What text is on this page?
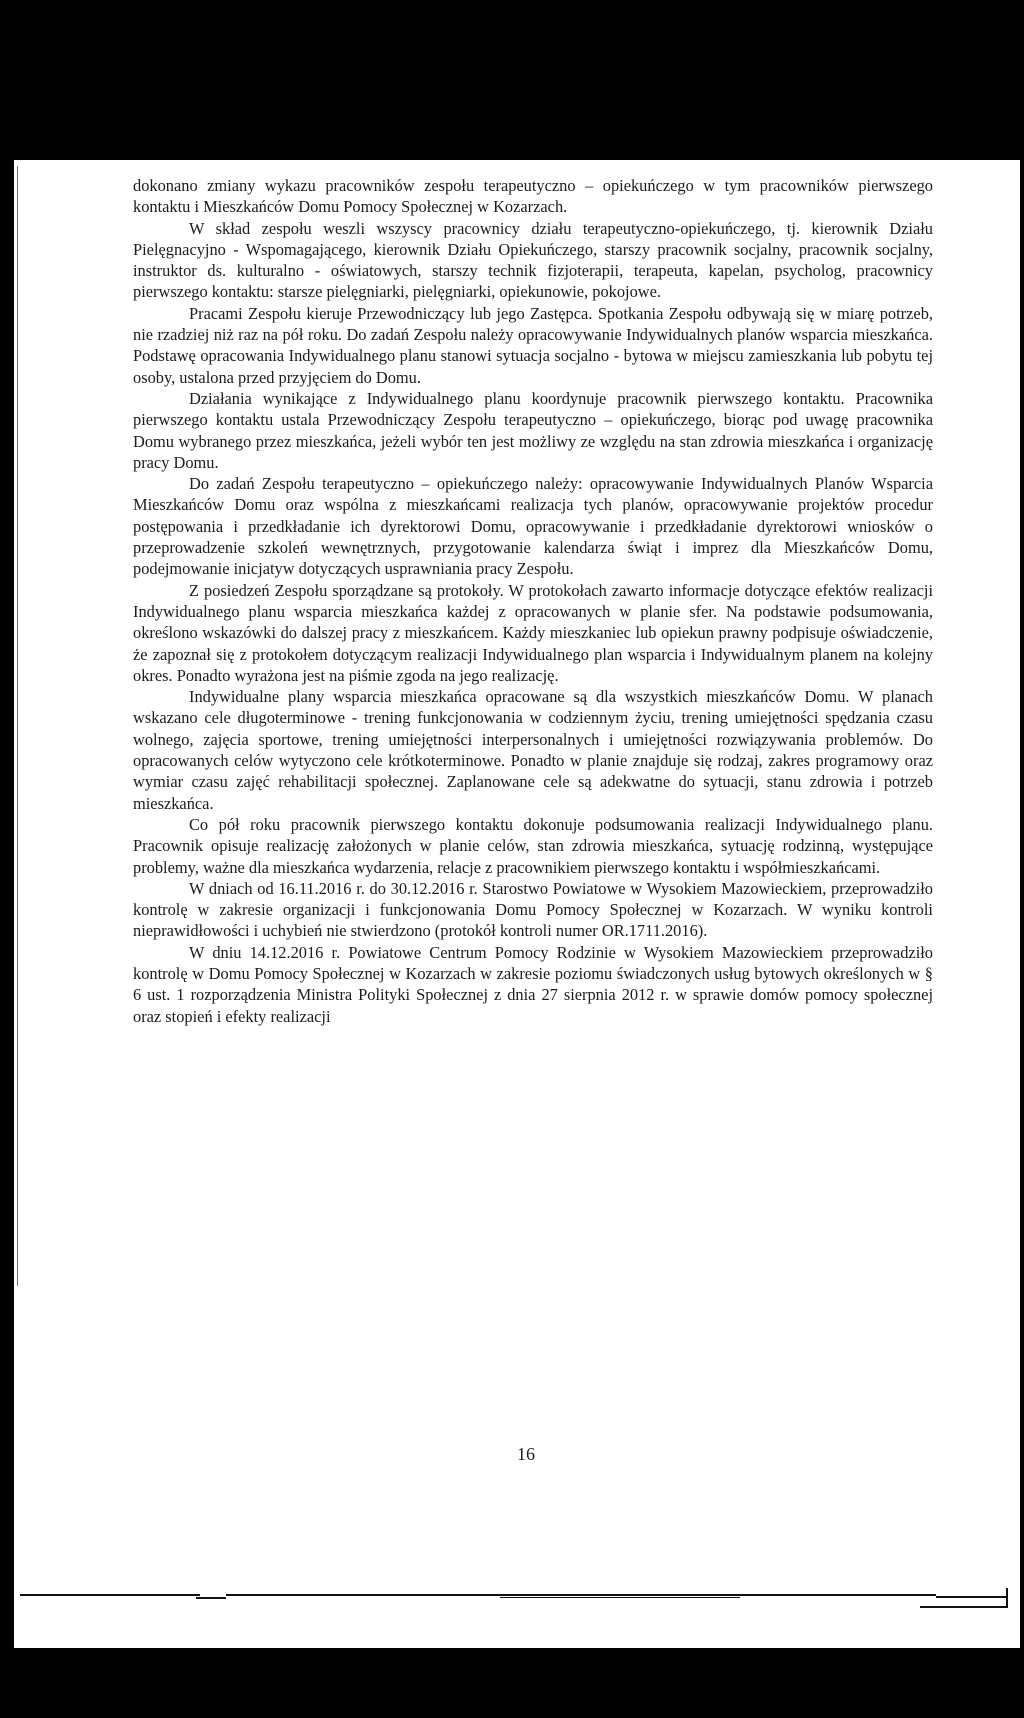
dokonano zmiany wykazu pracowników zespołu terapeutyczno – opiekuńczego w tym pracowników pierwszego kontaktu i Mieszkańców Domu Pomocy Społecznej w Kozarzach.

W skład zespołu weszli wszyscy pracownicy działu terapeutyczno-opiekuńczego, tj. kierownik Działu Pielęgnacyjno - Wspomagającego, kierownik Działu Opiekuńczego, starszy pracownik socjalny, pracownik socjalny, instruktor ds. kulturalno - oświatowych, starszy technik fizjoterapii, terapeuta, kapelan, psycholog, pracownicy pierwszego kontaktu: starsze pielęgniarki, pielęgniarki, opiekunowie, pokojowe.

Pracami Zespołu kieruje Przewodniczący lub jego Zastępca. Spotkania Zespołu odbywają się w miarę potrzeb, nie rzadziej niż raz na pół roku. Do zadań Zespołu należy opracowywanie Indywidualnych planów wsparcia mieszkańca. Podstawę opracowania Indywidualnego planu stanowi sytuacja socjalno - bytowa w miejscu zamieszkania lub pobytu tej osoby, ustalona przed przyjęciem do Domu.

Działania wynikające z Indywidualnego planu koordynuje pracownik pierwszego kontaktu. Pracownika pierwszego kontaktu ustala Przewodniczący Zespołu terapeutyczno – opiekuńczego, biorąc pod uwagę pracownika Domu wybranego przez mieszkańca, jeżeli wybór ten jest możliwy ze względu na stan zdrowia mieszkańca i organizację pracy Domu.

Do zadań Zespołu terapeutyczno – opiekuńczego należy: opracowywanie Indywidualnych Planów Wsparcia Mieszkańców Domu oraz wspólna z mieszkańcami realizacja tych planów, opracowywanie projektów procedur postępowania i przedkładanie ich dyrektorowi Domu, opracowywanie i przedkładanie dyrektorowi wniosków o przeprowadzenie szkoleń wewnętrznych, przygotowanie kalendarza świąt i imprez dla Mieszkańców Domu, podejmowanie inicjatyw dotyczących usprawniania pracy Zespołu.

Z posiedzeń Zespołu sporządzane są protokoły. W protokołach zawarto informacje dotyczące efektów realizacji Indywidualnego planu wsparcia mieszkańca każdej z opracowanych w planie sfer. Na podstawie podsumowania, określono wskazówki do dalszej pracy z mieszkańcem. Każdy mieszkaniec lub opiekun prawny podpisuje oświadczenie, że zapoznał się z protokołem dotyczącym realizacji Indywidualnego plan wsparcia i Indywidualnym planem na kolejny okres. Ponadto wyrażona jest na piśmie zgoda na jego realizację.

Indywidualne plany wsparcia mieszkańca opracowane są dla wszystkich mieszkańców Domu. W planach wskazano cele długoterminowe - trening funkcjonowania w codziennym życiu, trening umiejętności spędzania czasu wolnego, zajęcia sportowe, trening umiejętności interpersonalnych i umiejętności rozwiązywania problemów. Do opracowanych celów wytyczono cele krótkoterminowe. Ponadto w planie znajduje się rodzaj, zakres programowy oraz wymiar czasu zajęć rehabilitacji społecznej. Zaplanowane cele są adekwatne do sytuacji, stanu zdrowia i potrzeb mieszkańca.

Co pół roku pracownik pierwszego kontaktu dokonuje podsumowania realizacji Indywidualnego planu. Pracownik opisuje realizację założonych w planie celów, stan zdrowia mieszkańca, sytuację rodzinną, występujące problemy, ważne dla mieszkańca wydarzenia, relacje z pracownikiem pierwszego kontaktu i współmieszkańcami.

W dniach od 16.11.2016 r. do 30.12.2016 r. Starostwo Powiatowe w Wysokiem Mazowieckiem, przeprowadziło kontrolę w zakresie organizacji i funkcjonowania Domu Pomocy Społecznej w Kozarzach. W wyniku kontroli nieprawidłowości i uchybień nie stwierdzono (protokół kontroli numer OR.1711.2016).

W dniu 14.12.2016 r. Powiatowe Centrum Pomocy Rodzinie w Wysokiem Mazowieckiem przeprowadziło kontrolę w Domu Pomocy Społecznej w Kozarzach w zakresie poziomu świadczonych usług bytowych określonych w § 6 ust. 1 rozporządzenia Ministra Polityki Społecznej z dnia 27 sierpnia 2012 r. w sprawie domów pomocy społecznej oraz stopień i efekty realizacji

16
